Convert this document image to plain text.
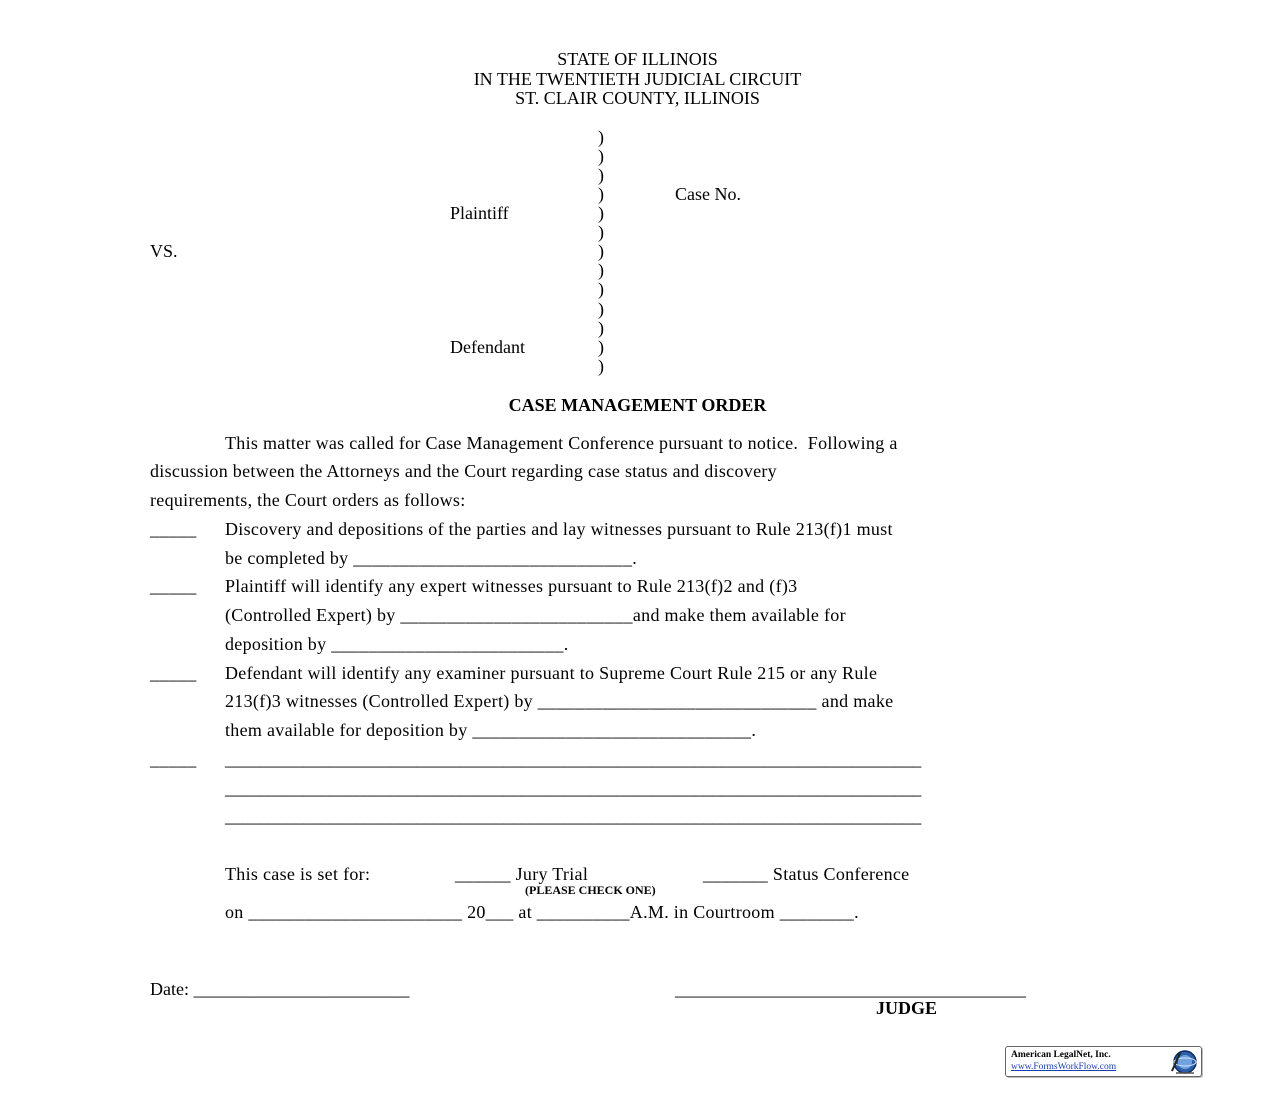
STATE OF ILLINOIS
IN THE TWENTIETH JUDICIAL CIRCUIT
ST. CLAIR COUNTY, ILLINOIS
)
)
)
)
)
)
)
)
)
)
)
)
)
Case No.
Plaintiff
VS.
Defendant
CASE MANAGEMENT ORDER
This matter was called for Case Management Conference pursuant to notice.  Following a
discussion between the Attorneys and the Court regarding case status and discovery
requirements, the Court orders as follows:
_____ Discovery and depositions of the parties and lay witnesses pursuant to Rule 213(f)1 must
be completed by ______________________________.
_____ Plaintiff will identify any expert witnesses pursuant to Rule 213(f)2 and (f)3
(Controlled Expert) by _________________________and make them available for
deposition by _________________________.
_____ Defendant will identify any examiner pursuant to Supreme Court Rule 215 or any Rule
213(f)3 witnesses (Controlled Expert) by ______________________________ and make
them available for deposition by ______________________________.
_____ ________________________________________________________________________________
________________________________________________________________________________
________________________________________________________________________________
This case is set for:	______ Jury Trial
(PLEASE CHECK ONE)
_______ Status Conference
on _______________________ 20___ at __________A.M. in Courtroom ________.
Date: ________________________	_______________________________________
JUDGE
American LegalNet, Inc.
www.FormsWorkFlow.com
